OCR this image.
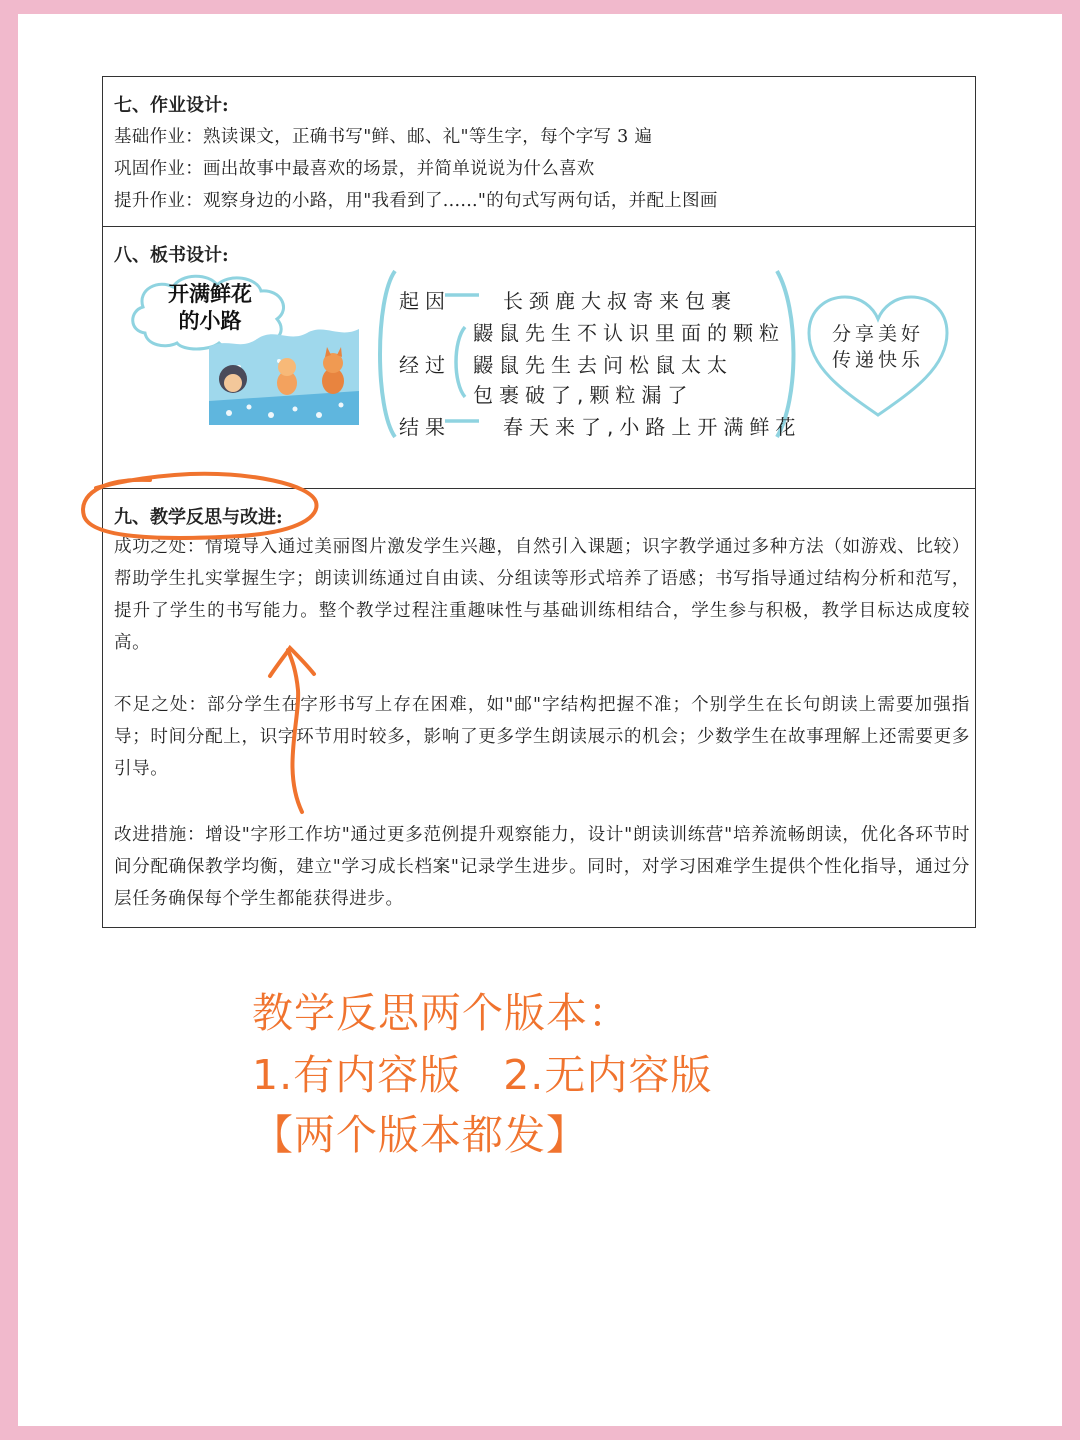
七、作业设计:
基础作业：熟读课文，正确书写"鲜、邮、礼"等生字，每个字写 3 遍
巩固作业：画出故事中最喜欢的场景，并简单说说为什么喜欢
提升作业：观察身边的小路，用"我看到了......"的句式写两句话，并配上图画
八、板书设计:
开满鲜花
的小路
起因
经过
结果
长颈鹿大叔寄来包裹
鼹鼠先生不认识里面的颗粒
鼹鼠先生去问松鼠太太
包裹破了,颗粒漏了
春天来了,小路上开满鲜花
分享美好
传递快乐
九、教学反思与改进:
成功之处：情境导入通过美丽图片激发学生兴趣，自然引入课题；识字教学通过多种方法（如游戏、比较）帮助学生扎实掌握生字；朗读训练通过自由读、分组读等形式培养了语感；书写指导通过结构分析和范写，提升了学生的书写能力。整个教学过程注重趣味性与基础训练相结合，学生参与积极，教学目标达成度较高。
不足之处：部分学生在字形书写上存在困难，如"邮"字结构把握不准；个别学生在长句朗读上需要加强指导；时间分配上，识字环节用时较多，影响了更多学生朗读展示的机会；少数学生在故事理解上还需要更多引导。
改进措施：增设"字形工作坊"通过更多范例提升观察能力，设计"朗读训练营"培养流畅朗读，优化各环节时间分配确保教学均衡，建立"学习成长档案"记录学生进步。同时，对学习困难学生提供个性化指导，通过分层任务确保每个学生都能获得进步。
教学反思两个版本：
1.有内容版   2.无内容版
【两个版本都发】
